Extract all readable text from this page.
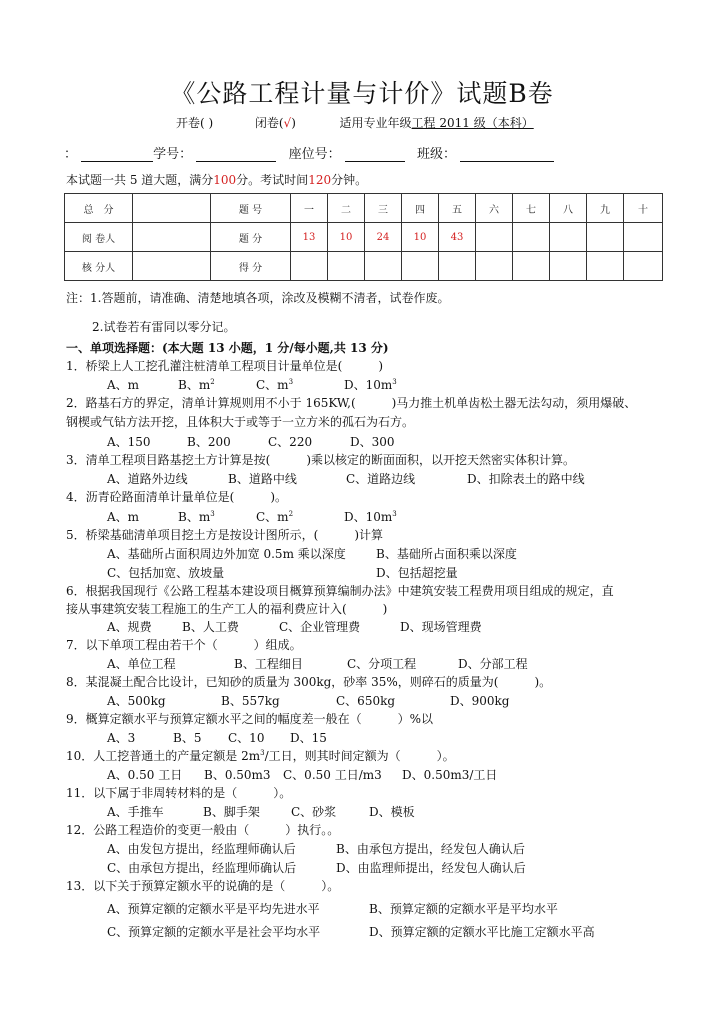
《公路工程计量与计价》试题B卷
开卷( )	闭卷(√)	适用专业年级工程 2011 级（本科）
：	学号：	座位号：	班级：
本试题一共 5 道大题，满分100分。考试时间120分钟。
总　分		题 号	一	二	三	四	五	六	七	八	九	十
阅 卷人		题 分	13	10	24	10	43					
核 分人		得 分										
注：1.答题前，请准确、清楚地填各项，涂改及模糊不清者，试卷作废。
2.试卷若有雷同以零分记。
一、单项选择题：(本大题 13 小题，1 分/每小题,共 13 分)
1．桥梁上人工挖孔灌注桩清单工程项目计量单位是(　　　)
A、m	B、$m^2$	C、$m^3$	D、$10m^3$
2．路基石方的界定，清单计算规则用不小于 165KW,(　　　)马力推土机单齿松土器无法勾动，须用爆破、
钢楔或气钻方法开挖，且体积大于或等于一立方米的孤石为石方。
A、150	B、200	C、220	D、300
3．清单工程项目路基挖土方计算是按(　　　)乘以核定的断面面积，以开挖天然密实体积计算。
A、道路外边线	B、道路中线	C、道路边线	D、扣除表土的路中线
4．沥青砼路面清单计量单位是(　　　)。
A、m	B、$m^3$	C、$m^2$	D、$10m^3$
5．桥梁基础清单项目挖土方是按设计图所示，(　　　)计算
A、基础所占面积周边外加宽 0.5m 乘以深度	B、基础所占面积乘以深度
C、包括加宽、放坡量	D、包括超挖量
6．根据我国现行《公路工程基本建设项目概算预算编制办法》中建筑安装工程费用项目组成的规定，直
接从事建筑安装工程施工的生产工人的福利费应计入(　　　)
A、规费	B、人工费	C、企业管理费	D、现场管理费
7．以下单项工程由若干个（　　　）组成。
A、单位工程	B、工程细目	C、分项工程	D、分部工程
8．某混凝土配合比设计，已知砂的质量为 300kg，砂率 35%，则碎石的质量为(　　　)。
A、500kg	B、557kg	C、650kg	D、900kg
9．概算定额水平与预算定额水平之间的幅度差一般在（　　　）%以
A、3	B、5 C、10 D、15
10．人工挖普通土的产量定额是 $2m^3/$工日，则其时间定额为（　　　）。
A、0.50 工日 B、0.50m3 C、0.50 工日/m3 D、0.50m3/工日
11．以下属于非周转材料的是（　　　）。
A、手推车	B、脚手架	C、砂浆	D、模板
12．公路工程造价的变更一般由（　　　）执行。。
A、由发包方提出，经监理师确认后	B、由承包方提出，经发包人确认后
C、由承包方提出，经监理师确认后	D、由监理师提出，经发包人确认后
13．以下关于预算定额水平的说确的是（　　　）。
A、预算定额的定额水平是平均先进水平	B、预算定额的定额水平是平均水平
C、预算定额的定额水平是社会平均水平	D、预算定额的定额水平比施工定额水平高
